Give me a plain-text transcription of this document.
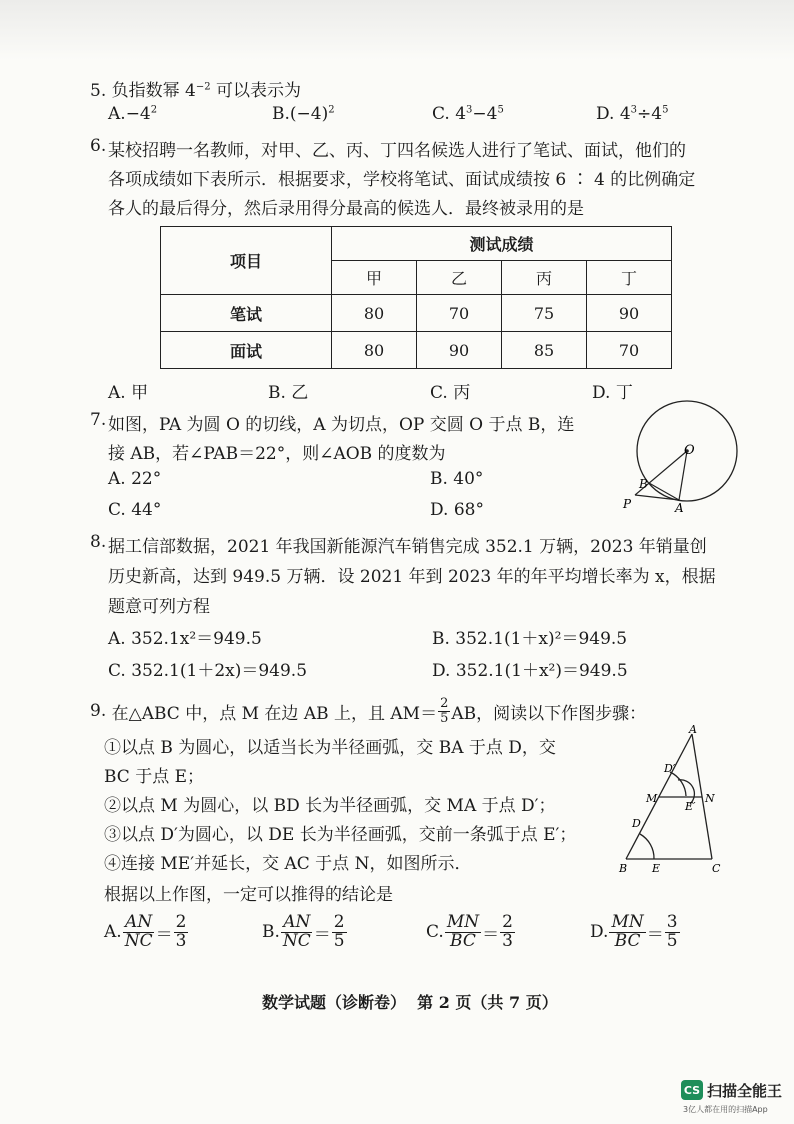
5. 负指数幂 $4^{-2}$ 可以表示为
$A.-4^2$	$B.(-4)^2$	C. $4^3-4^5$	D. $4^3\div 4^5$
6. 某校招聘一名教师，对甲、乙、丙、丁四名候选人进行了笔试、面试，他们的
各项成绩如下表所示．根据要求，学校将笔试、面试成绩按 6 ∶ 4 的比例确定
各人的最后得分，然后录用得分最高的候选人．最终被录用的是
项目	测试成绩			
	甲	乙	丙	丁
笔试	80	70	75	90
面试	80	90	85	70
A. 甲	B. 乙	C. 丙	D. 丁
7. 如图，PA 为圆 O 的切线，A 为切点，OP 交圆 O 于点 B，连
接 AB，若∠PAB＝22°，则∠AOB 的度数为
A. 22°	B. 40°
C. 44°	D. 68°
O
B
P	A
8. 据工信部数据，2021 年我国新能源汽车销售完成 352.1 万辆，2023 年销量创
历史新高，达到 949.5 万辆．设 2021 年到 2023 年的年平均增长率为 x，根据
题意可列方程
A. 352.1x²＝949.5	B. 352.1(1＋x)²＝949.5
C. 352.1(1＋2x)＝949.5	D. 352.1(1＋x²)＝949.5
9.
在△ABC 中，点 M 在边 AB 上，且 $AM= \frac{2}{5}$ AB，阅读以下作图步骤：
①以点 B 为圆心，以适当长为半径画弧，交 BA 于点 D，交
BC 于点 E；
②以点 M 为圆心，以 BD 长为半径画弧，交 MA 于点 D′；
③以点 D′为圆心，以 DE 长为半径画弧，交前一条弧于点 E′；
④连接 ME′并延长，交 AC 于点 N，如图所示．
根据以上作图，一定可以推得的结论是
A. $\frac{AN}{NC} = \frac{2}{3}$	B. $\frac{AN}{NC} = \frac{2}{5}$	C. $\frac{MN}{BC} = \frac{2}{3}$	D. $\frac{MN}{BC} = \frac{3}{5}$
A
D′
M	N
E′
D
B E	C
数学试题（诊断卷）  第 2 页（共 7 页）
CS 扫描全能王
3亿人都在用的扫描App
